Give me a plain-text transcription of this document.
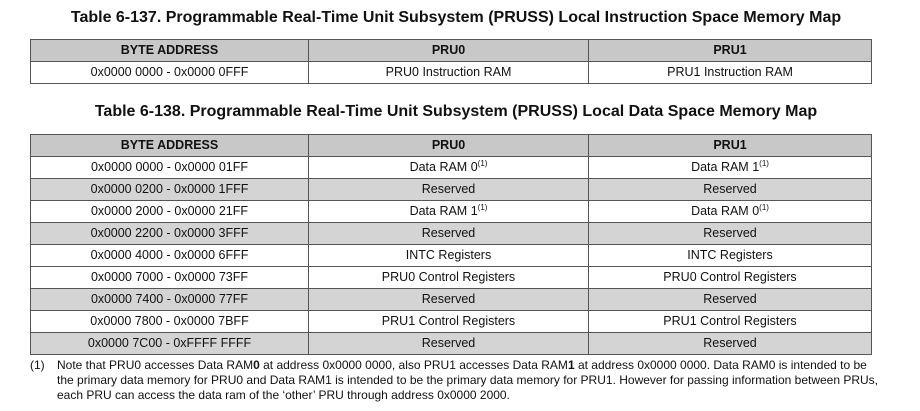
Table 6-137. Programmable Real-Time Unit Subsystem (PRUSS) Local Instruction Space Memory Map
BYTE ADDRESS	PRU0	PRU1
0x0000 0000 - 0x0000 0FFF	PRU0 Instruction RAM	PRU1 Instruction RAM
Table 6-138. Programmable Real-Time Unit Subsystem (PRUSS) Local Data Space Memory Map
BYTE ADDRESS	PRU0	PRU1
0x0000 0000 - 0x0000 01FF	Data RAM 0$^{(1)}$	Data RAM 1$^{(1)}$
0x0000 0200 - 0x0000 1FFF	Reserved	Reserved
0x0000 2000 - 0x0000 21FF	Data RAM 1$^{(1)}$	Data RAM 0$^{(1)}$
0x0000 2200 - 0x0000 3FFF	Reserved	Reserved
0x0000 4000 - 0x0000 6FFF	INTC Registers	INTC Registers
0x0000 7000 - 0x0000 73FF	PRU0 Control Registers	PRU0 Control Registers
0x0000 7400 - 0x0000 77FF	Reserved	Reserved
0x0000 7800 - 0x0000 7BFF	PRU1 Control Registers	PRU1 Control Registers
0x0000 7C00 - 0xFFFF FFFF	Reserved	Reserved
(1) Note that PRU0 accesses Data RAM0 at address 0x0000 0000, also PRU1 accesses Data RAM1 at address 0x0000 0000. Data RAM0 is intended to be the primary data memory for PRU0 and Data RAM1 is intended to be the primary data memory for PRU1. However for passing information between PRUs, each PRU can access the data ram of the ‘other’ PRU through address 0x0000 2000.
